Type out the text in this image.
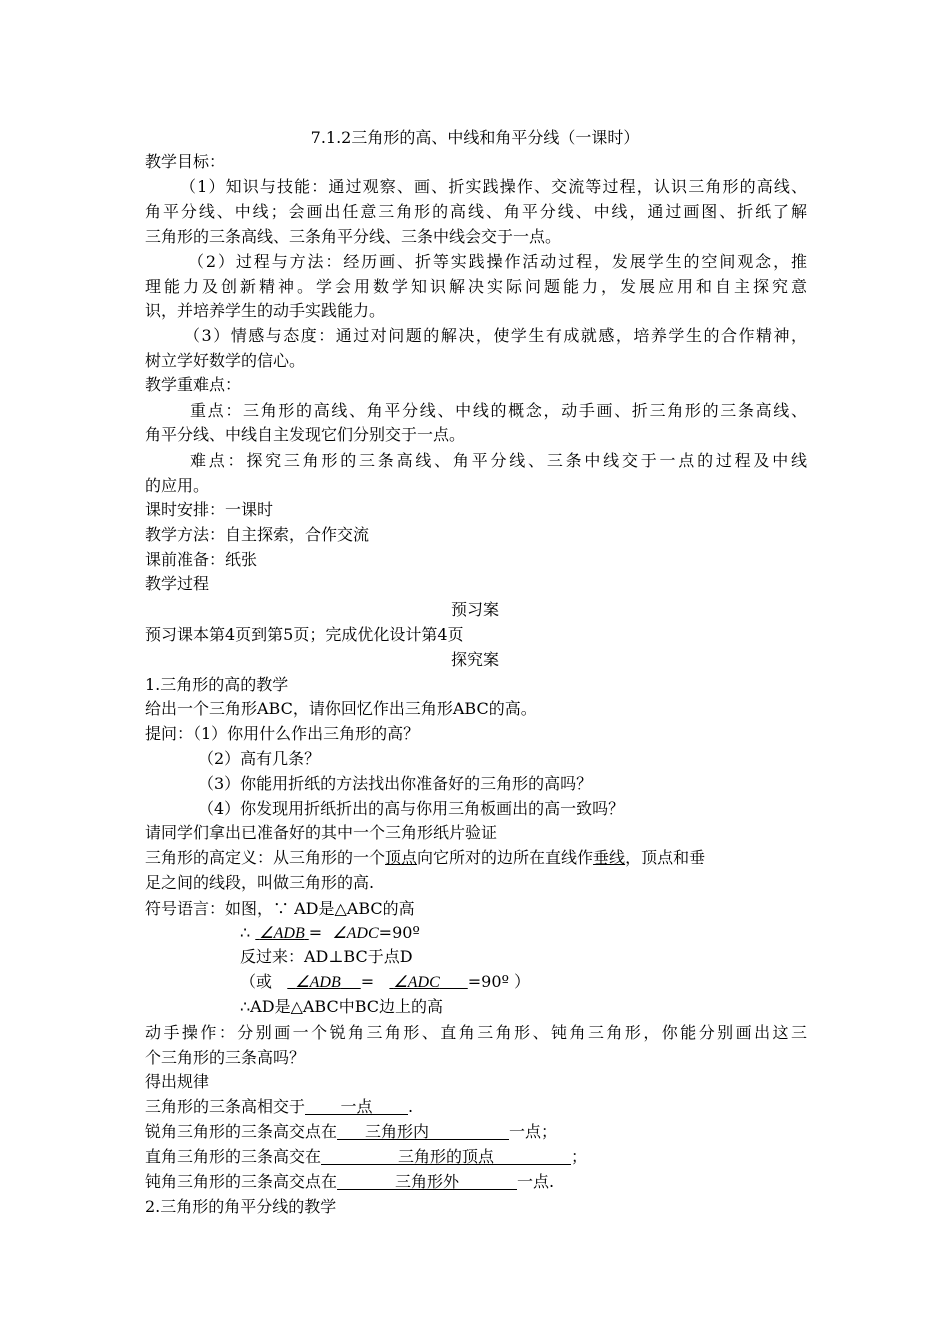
7.1.2三角形的高、中线和角平分线（一课时）
教学目标：
（1）知识与技能：通过观察、画、折实践操作、交流等过程，认识三角形的高线、
角平分线、中线；会画出任意三角形的高线、角平分线、中线，通过画图、折纸了解
三角形的三条高线、三条角平分线、三条中线会交于一点。
（2）过程与方法：经历画、折等实践操作活动过程，发展学生的空间观念，推
理能力及创新精神。学会用数学知识解决实际问题能力，发展应用和自主探究意
识，并培养学生的动手实践能力。
（3）情感与态度：通过对问题的解决，使学生有成就感，培养学生的合作精神，
树立学好数学的信心。
教学重难点：
重点：三角形的高线、角平分线、中线的概念，动手画、折三角形的三条高线、
角平分线、中线自主发现它们分别交于一点。
难点：探究三角形的三条高线、角平分线、三条中线交于一点的过程及中线
的应用。
课时安排：一课时
教学方法：自主探索，合作交流
课前准备：纸张
教学过程
预习案
预习课本第4页到第5页；完成优化设计第4页
探究案
1.三角形的高的教学
给出一个三角形ABC，请你回忆作出三角形ABC的高。
提问：（1）你用什么作出三角形的高？
（2）高有几条？
（3）你能用折纸的方法找出你准备好的三角形的高吗？
（4）你发现用折纸折出的高与你用三角板画出的高一致吗？
请同学们拿出已准备好的其中一个三角形纸片验证
三角形的高定义：从三角形的一个顶点向它所对的边所在直线作垂线，顶点和垂
足之间的线段，叫做三角形的高.
符号语言：如图，∵ AD是△ABC的高
∴ ∠ADB = ∠ADC=90º
反过来：AD⊥BC于点D
（或 ∠ADB = ∠ADC =90º ）
∴AD是△ABC中BC边上的高
动手操作：分别画一个锐角三角形、直角三角形、钝角三角形，你能分别画出这三
个三角形的三条高吗？
得出规律
三角形的三条高相交于 一点 .
锐角三角形的三条高交点在 三角形内	一点；
直角三角形的三条高交在	三角形的顶点	；
钝角三角形的三条高交点在	三角形外	一点.
2.三角形的角平分线的教学
